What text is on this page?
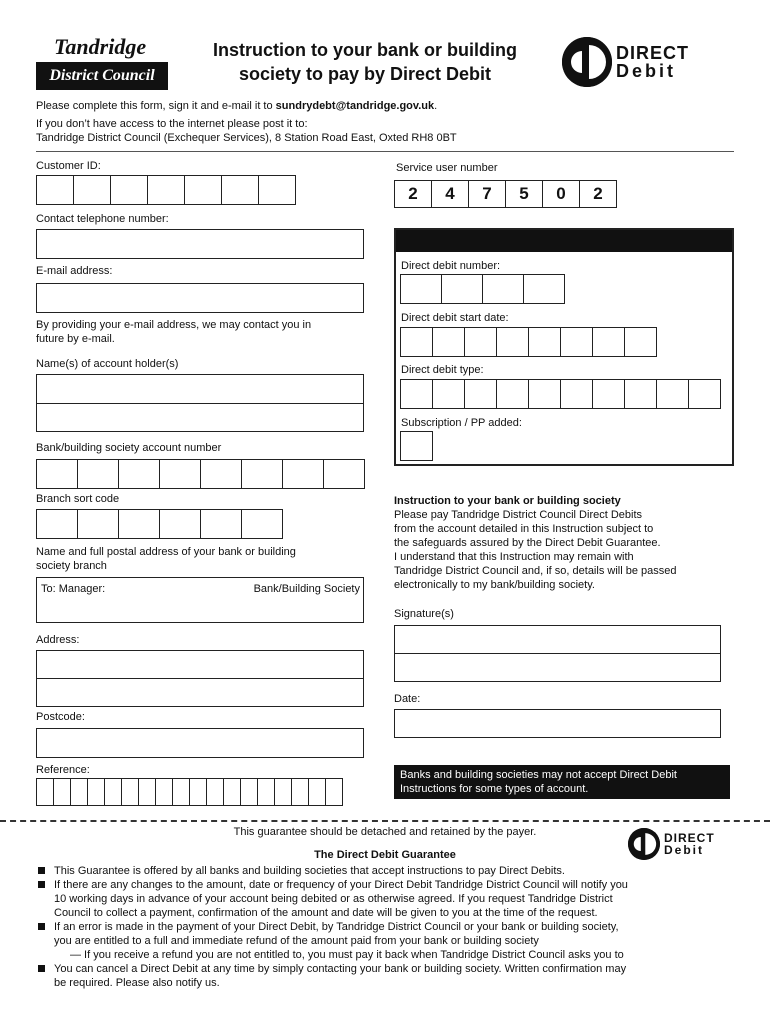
Tandridge
District Council
Instruction to your bank or building
society to pay by Direct Debit
DIRECT
Debit
Please complete this form, sign it and e-mail it to sundrydebt@tandridge.gov.uk.
If you don’t have access to the internet please post it to:
Tandridge District Council (Exchequer Services), 8 Station Road East, Oxted RH8 0BT
Customer ID:
Contact telephone number:
E-mail address:
By providing your e-mail address, we may contact you in
future by e-mail.
Name(s) of account holder(s)
Bank/building society account number
Branch sort code
Name and full postal address of your bank or building
society branch
To: Manager:	Bank/Building Society
Address:
Postcode:
Reference:
Service user number
2	4	7	5	0	2
Direct debit number:
Direct debit start date:
Direct debit type:
Subscription / PP added:
Instruction to your bank or building society
Please pay Tandridge District Council Direct Debits
from the account detailed in this Instruction subject to
the safeguards assured by the Direct Debit Guarantee.
I understand that this Instruction may remain with
Tandridge District Council and, if so, details will be passed
electronically to my bank/building society.
Signature(s)
Date:
Banks and building societies may not accept Direct Debit
Instructions for some types of account.
This guarantee should be detached and retained by the payer.
The Direct Debit Guarantee
DIRECT
Debit
This Guarantee is offered by all banks and building societies that accept instructions to pay Direct Debits.
If there are any changes to the amount, date or frequency of your Direct Debit Tandridge District Council will notify you
10 working days in advance of your account being debited or as otherwise agreed. If you request Tandridge District
Council to collect a payment, confirmation of the amount and date will be given to you at the time of the request.
If an error is made in the payment of your Direct Debit, by Tandridge District Council or your bank or building society,
you are entitled to a full and immediate refund of the amount paid from your bank or building society
— If you receive a refund you are not entitled to, you must pay it back when Tandridge District Council asks you to
You can cancel a Direct Debit at any time by simply contacting your bank or building society. Written confirmation may
be required. Please also notify us.
